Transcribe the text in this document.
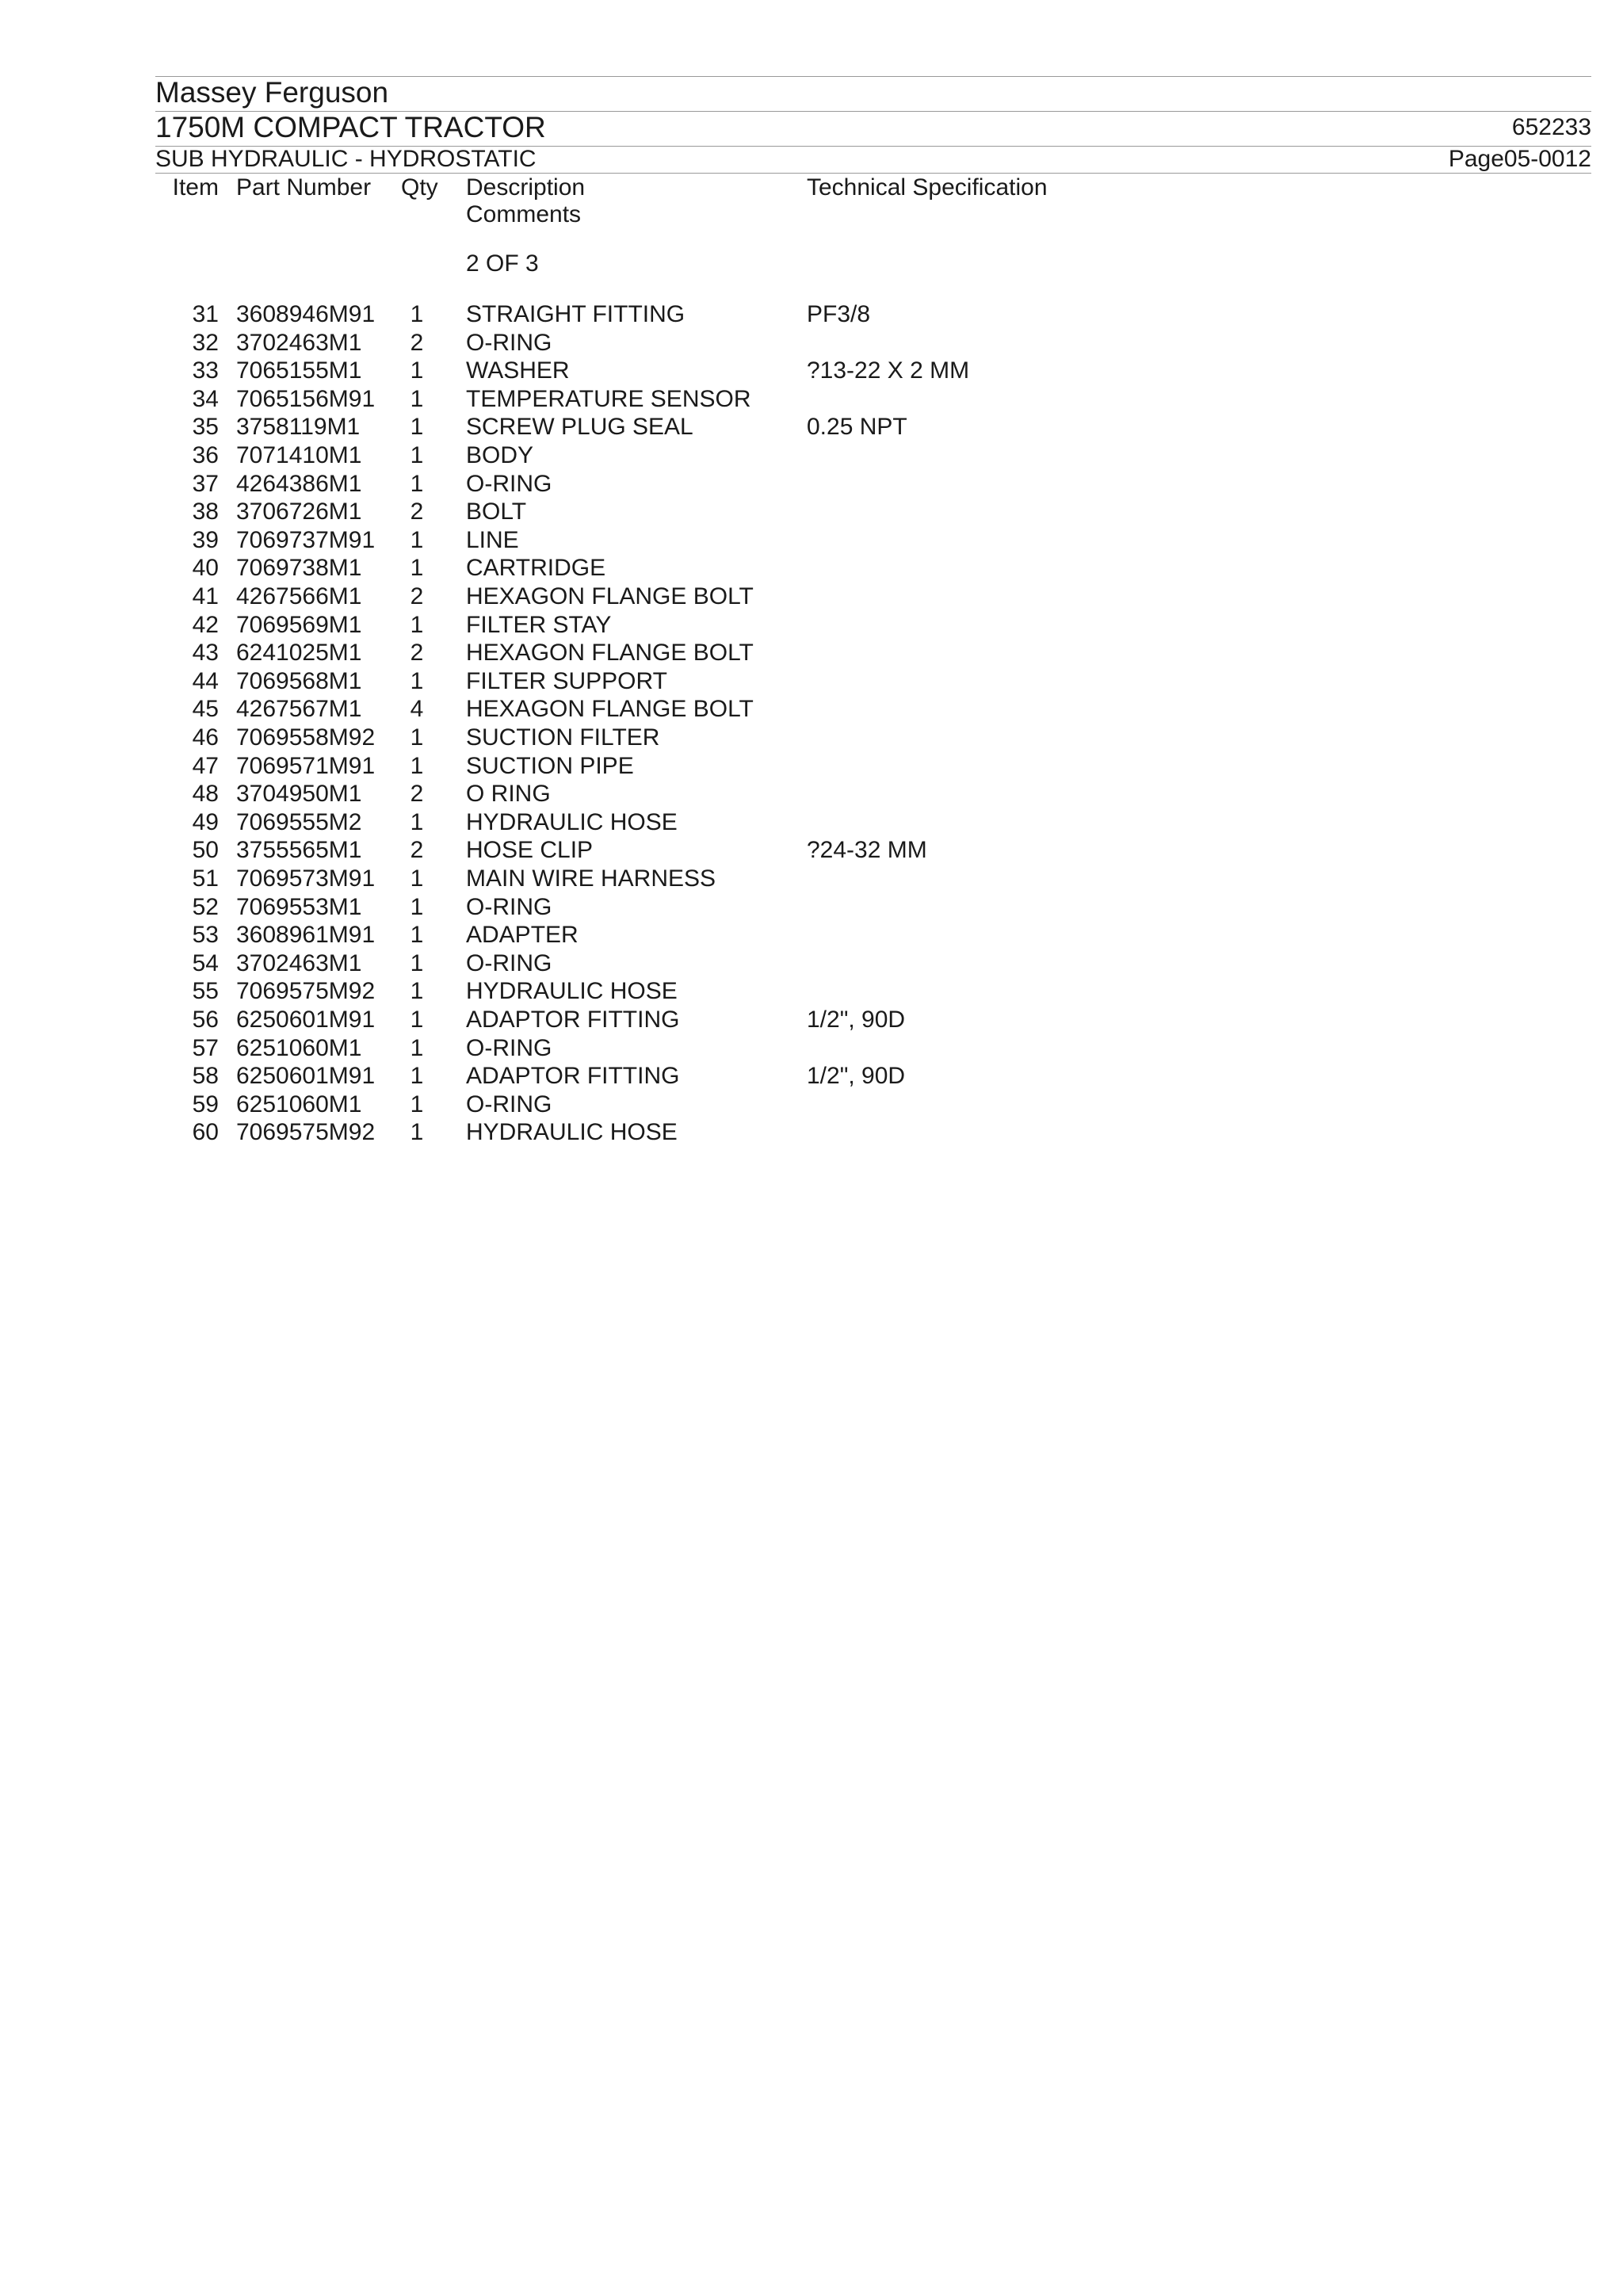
Massey Ferguson
1750M COMPACT TRACTOR	652233
SUB HYDRAULIC - HYDROSTATIC	Page05-0012
Item Part Number Qty Description
Comments
Technical Specification
2 OF 3
31 3608946M91	1	STRAIGHT FITTING	PF3/8
32 3702463M1	2	O-RING
33 7065155M1	1	WASHER	?13-22 X 2 MM
34 7065156M91	1	TEMPERATURE SENSOR
35 3758119M1	1	SCREW PLUG SEAL	0.25 NPT
36 7071410M1	1	BODY
37 4264386M1	1	O-RING
38 3706726M1	2	BOLT
39 7069737M91	1	LINE
40 7069738M1	1	CARTRIDGE
41 4267566M1	2	HEXAGON FLANGE BOLT
42 7069569M1	1	FILTER STAY
43 6241025M1	2	HEXAGON FLANGE BOLT
44 7069568M1	1	FILTER SUPPORT
45 4267567M1	4	HEXAGON FLANGE BOLT
46 7069558M92	1	SUCTION FILTER
47 7069571M91	1	SUCTION PIPE
48 3704950M1	2	O RING
49 7069555M2	1	HYDRAULIC HOSE
50 3755565M1	2	HOSE CLIP	?24-32 MM
51 7069573M91	1	MAIN WIRE HARNESS
52 7069553M1	1	O-RING
53 3608961M91	1	ADAPTER
54 3702463M1	1	O-RING
55 7069575M92	1	HYDRAULIC HOSE
56 6250601M91	1	ADAPTOR FITTING	1/2", 90D
57 6251060M1	1	O-RING
58 6250601M91	1	ADAPTOR FITTING	1/2", 90D
59 6251060M1	1	O-RING
60 7069575M92	1	HYDRAULIC HOSE
